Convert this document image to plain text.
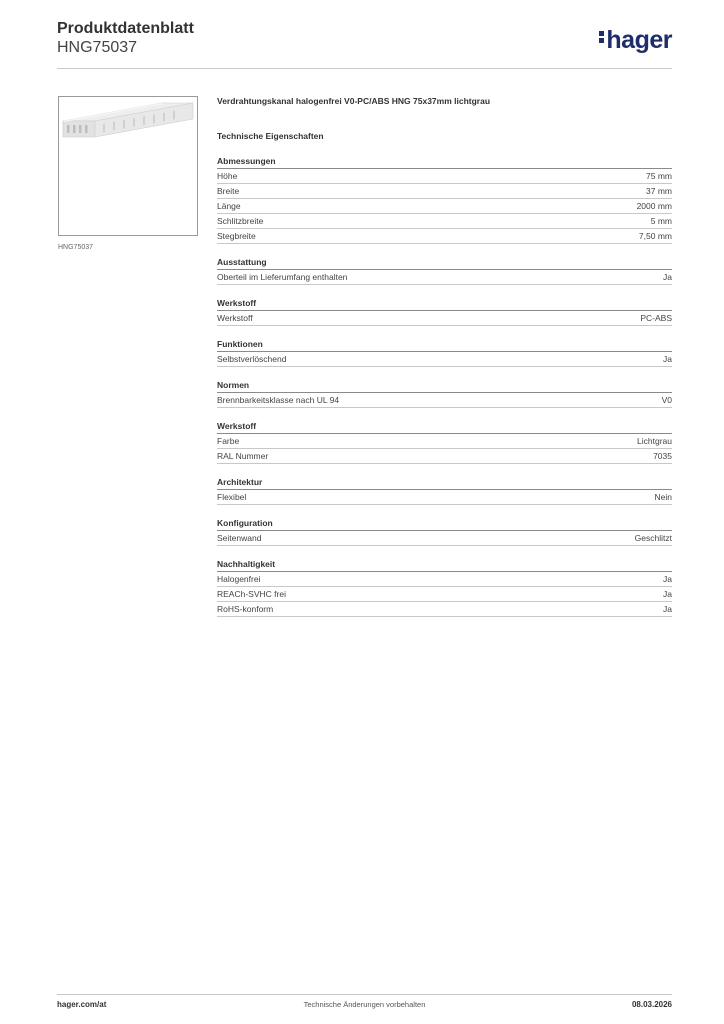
Produktdatenblatt
HNG75037	hager
HNG75037
Verdrahtungskanal halogenfrei V0-PC/ABS HNG 75x37mm lichtgrau
Technische Eigenschaften
Abmessungen
Höhe	75 mm
Breite	37 mm
Länge	2000 mm
Schlitzbreite	5 mm
Stegbreite	7,50 mm
Ausstattung
Oberteil im Lieferumfang enthalten	Ja
Werkstoff
Werkstoff	PC-ABS
Funktionen
Selbstverlöschend	Ja
Normen
Brennbarkeitsklasse nach UL 94	V0
Werkstoff
Farbe	Lichtgrau
RAL Nummer	7035
Architektur
Flexibel	Nein
Konfiguration
Seitenwand	Geschlitzt
Nachhaltigkeit
Halogenfrei	Ja
REACh-SVHC frei	Ja
RoHS-konform	Ja
hager.com/at	Technische Änderungen vorbehalten	08.03.2026
